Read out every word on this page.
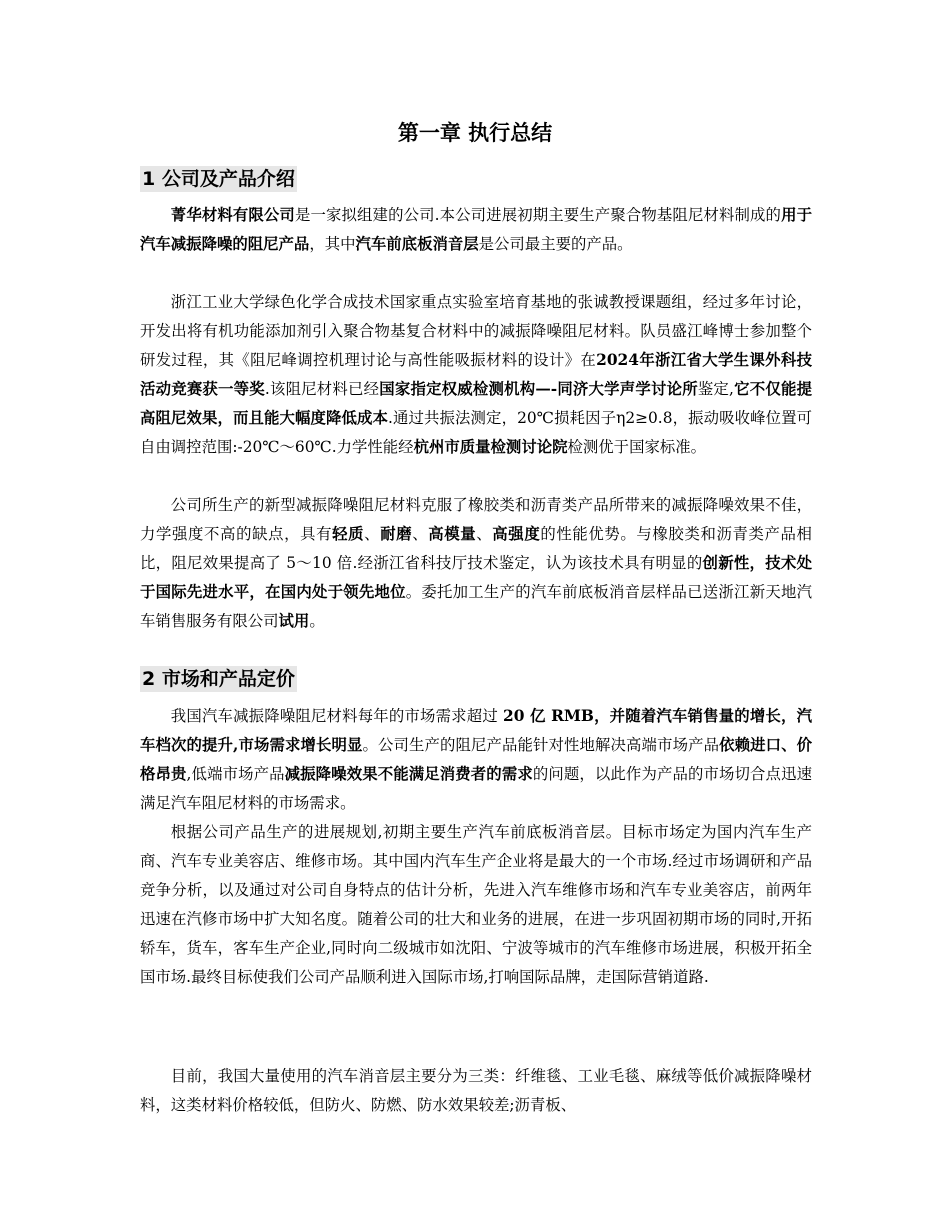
第一章 执行总结
1 公司及产品介绍

菁华材料有限公司是一家拟组建的公司.本公司进展初期主要生产聚合物基阻尼材料制成的用于汽车减振降噪的阻尼产品，其中汽车前底板消音层是公司最主要的产品。

浙江工业大学绿色化学合成技术国家重点实验室培育基地的张诚教授课题组，经过多年讨论，开发出将有机功能添加剂引入聚合物基复合材料中的减振降噪阻尼材料。队员盛江峰博士参加整个研发过程，其《阻尼峰调控机理讨论与高性能吸振材料的设计》在2024年浙江省大学生课外科技活动竞赛获一等奖.该阻尼材料已经国家指定权威检测机构—-同济大学声学讨论所鉴定,它不仅能提高阻尼效果，而且能大幅度降低成本.通过共振法测定，20℃损耗因子η2≥0.8，振动吸收峰位置可自由调控范围:-20℃～60℃.力学性能经杭州市质量检测讨论院检测优于国家标准。

公司所生产的新型减振降噪阻尼材料克服了橡胶类和沥青类产品所带来的减振降噪效果不佳，力学强度不高的缺点，具有轻质、耐磨、高模量、高强度的性能优势。与橡胶类和沥青类产品相比，阻尼效果提高了 5～10 倍.经浙江省科技厅技术鉴定，认为该技术具有明显的创新性，技术处于国际先进水平，在国内处于领先地位。委托加工生产的汽车前底板消音层样品已送浙江新天地汽车销售服务有限公司试用。

2 市场和产品定价

我国汽车减振降噪阻尼材料每年的市场需求超过 20 亿 RMB，并随着汽车销售量的增长，汽车档次的提升,市场需求增长明显。公司生产的阻尼产品能针对性地解决高端市场产品依赖进口、价格昂贵,低端市场产品减振降噪效果不能满足消费者的需求的问题，以此作为产品的市场切合点迅速满足汽车阻尼材料的市场需求。

根据公司产品生产的进展规划,初期主要生产汽车前底板消音层。目标市场定为国内汽车生产商、汽车专业美容店、维修市场。其中国内汽车生产企业将是最大的一个市场.经过市场调研和产品竞争分析，以及通过对公司自身特点的估计分析，先进入汽车维修市场和汽车专业美容店，前两年迅速在汽修市场中扩大知名度。随着公司的壮大和业务的进展，在进一步巩固初期市场的同时,开拓轿车，货车，客车生产企业,同时向二级城市如沈阳、宁波等城市的汽车维修市场进展，积极开拓全国市场.最终目标使我们公司产品顺利进入国际市场,打响国际品牌，走国际营销道路.

目前，我国大量使用的汽车消音层主要分为三类：纤维毯、工业毛毯、麻绒等低价减振降噪材料，这类材料价格较低，但防火、防燃、防水效果较差;沥青板、
